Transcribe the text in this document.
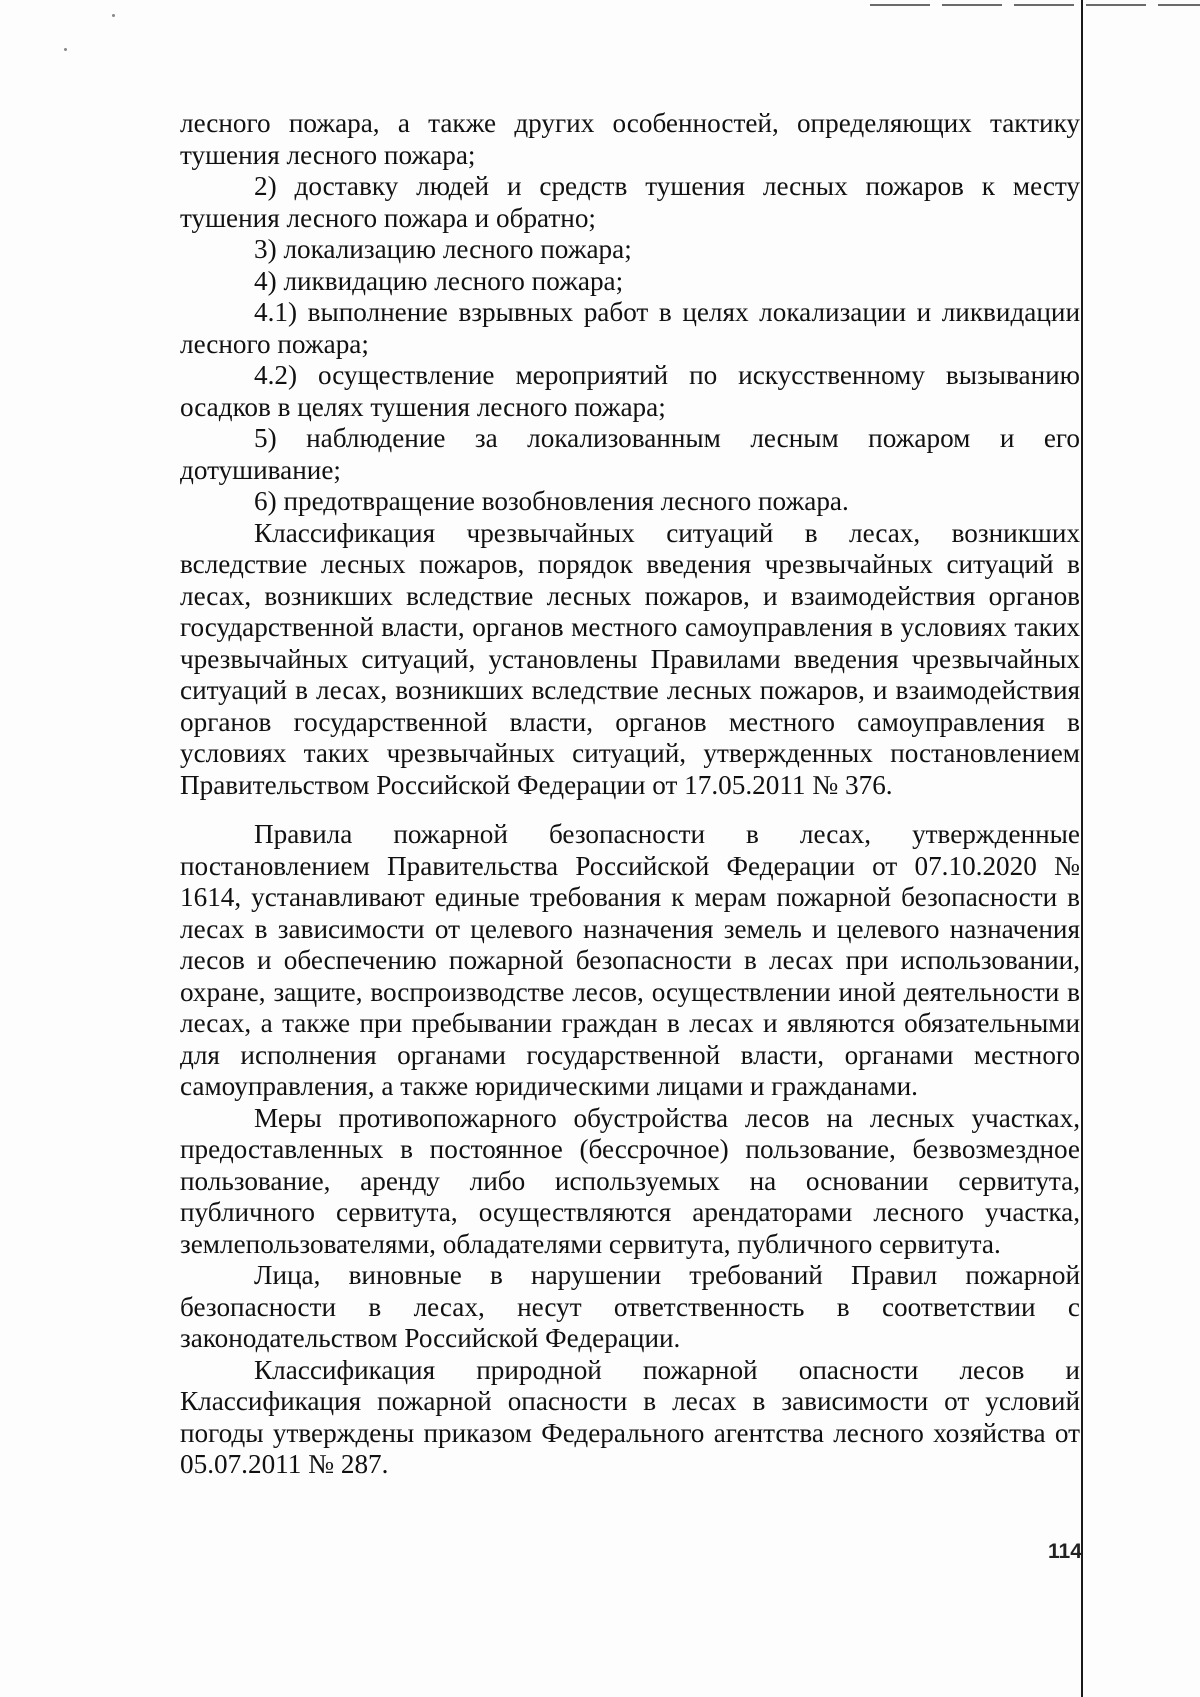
лесного пожара, а также других особенностей, определяющих тактику тушения лесного пожара;

2) доставку людей и средств тушения лесных пожаров к месту тушения лесного пожара и обратно;

3) локализацию лесного пожара;

4) ликвидацию лесного пожара;

4.1) выполнение взрывных работ в целях локализации и ликвидации лесного пожара;

4.2) осуществление мероприятий по искусственному вызыванию осадков в целях тушения лесного пожара;

5) наблюдение за локализованным лесным пожаром и его дотушивание;

6) предотвращение возобновления лесного пожара.

Классификация чрезвычайных ситуаций в лесах, возникших вследствие лесных пожаров, порядок введения чрезвычайных ситуаций в лесах, возникших вследствие лесных пожаров, и взаимодействия органов государственной власти, органов местного самоуправления в условиях таких чрезвычайных ситуаций, установлены Правилами введения чрезвычайных ситуаций в лесах, возникших вследствие лесных пожаров, и взаимодействия органов государственной власти, органов местного самоуправления в условиях таких чрезвычайных ситуаций, утвержденных постановлением Правительством Российской Федерации от 17.05.2011 № 376.

Правила пожарной безопасности в лесах, утвержденные постановлением Правительства Российской Федерации от 07.10.2020 № 1614, устанавливают единые требования к мерам пожарной безопасности в лесах в зависимости от целевого назначения земель и целевого назначения лесов и обеспечению пожарной безопасности в лесах при использовании, охране, защите, воспроизводстве лесов, осуществлении иной деятельности в лесах, а также при пребывании граждан в лесах и являются обязательными для исполнения органами государственной власти, органами местного самоуправления, а также юридическими лицами и гражданами.

Меры противопожарного обустройства лесов на лесных участках, предоставленных в постоянное (бессрочное) пользование, безвозмездное пользование, аренду либо используемых на основании сервитута, публичного сервитута, осуществляются арендаторами лесного участка, землепользователями, обладателями сервитута, публичного сервитута.

Лица, виновные в нарушении требований Правил пожарной безопасности в лесах, несут ответственность в соответствии с законодательством Российской Федерации.

Классификация природной пожарной опасности лесов и Классификация пожарной опасности в лесах в зависимости от условий погоды утверждены приказом Федерального агентства лесного хозяйства от 05.07.2011 № 287.

114
